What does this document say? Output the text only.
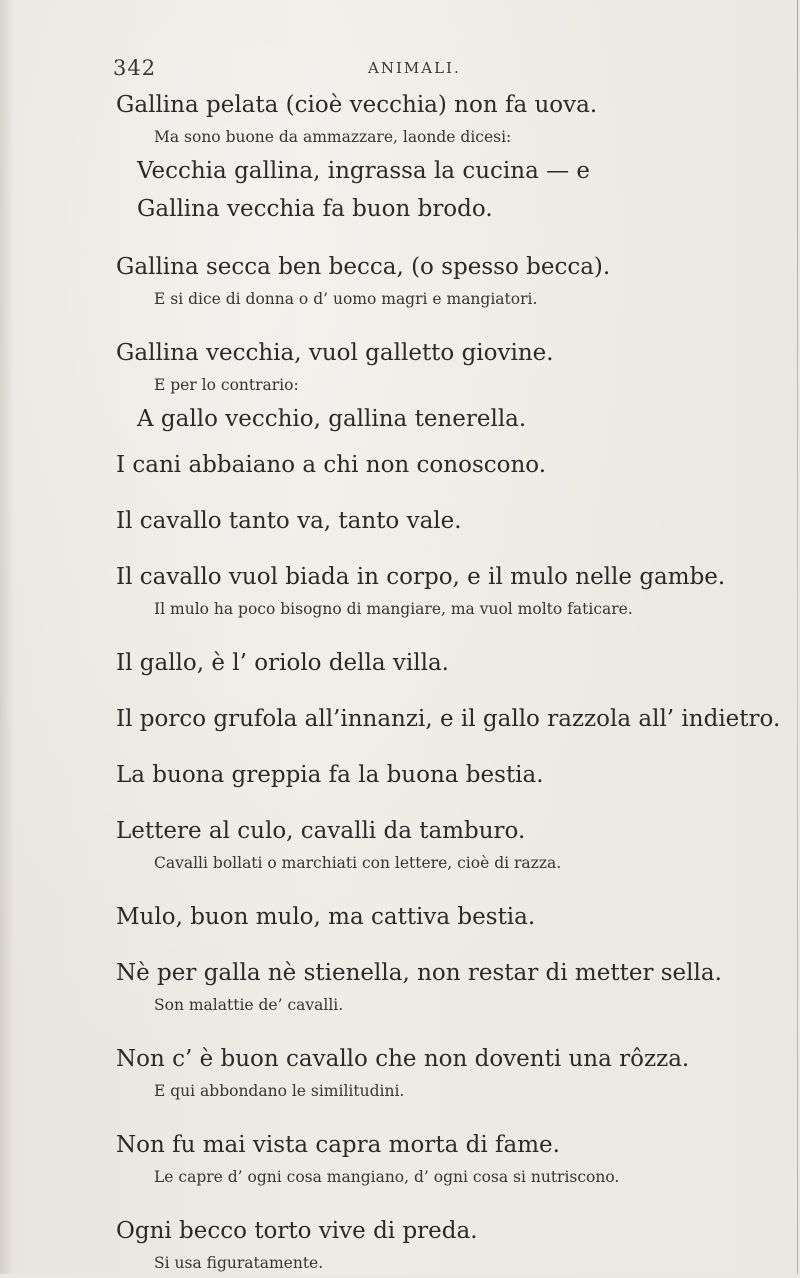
342	ANIMALI.
Gallina pelata (cioè vecchia) non fa uova.
Ma sono buone da ammazzare, laonde dicesi:
Vecchia gallina, ingrassa la cucina — e
Gallina vecchia fa buon brodo.
Gallina secca ben becca, (o spesso becca).
E si dice di donna o d’ uomo magri e mangiatori.
Gallina vecchia, vuol galletto giovine.
E per lo contrario:
A gallo vecchio, gallina tenerella.
I cani abbaiano a chi non conoscono.
Il cavallo tanto va, tanto vale.
Il cavallo vuol biada in corpo, e il mulo nelle gambe.
Il mulo ha poco bisogno di mangiare, ma vuol molto faticare.
Il gallo, è l’ oriolo della villa.
Il porco grufola all’innanzi, e il gallo razzola all’ indietro.
La buona greppia fa la buona bestia.
Lettere al culo, cavalli da tamburo.
Cavalli bollati o marchiati con lettere, cioè di razza.
Mulo, buon mulo, ma cattiva bestia.
Nè per galla nè stienella, non restar di metter sella.
Son malattie de’ cavalli.
Non c’ è buon cavallo che non doventi una rôzza.
E qui abbondano le similitudini.
Non fu mai vista capra morta di fame.
Le capre d’ ogni cosa mangiano, d’ ogni cosa si nutriscono.
Ogni becco torto vive di preda.
Si usa figuratamente.
